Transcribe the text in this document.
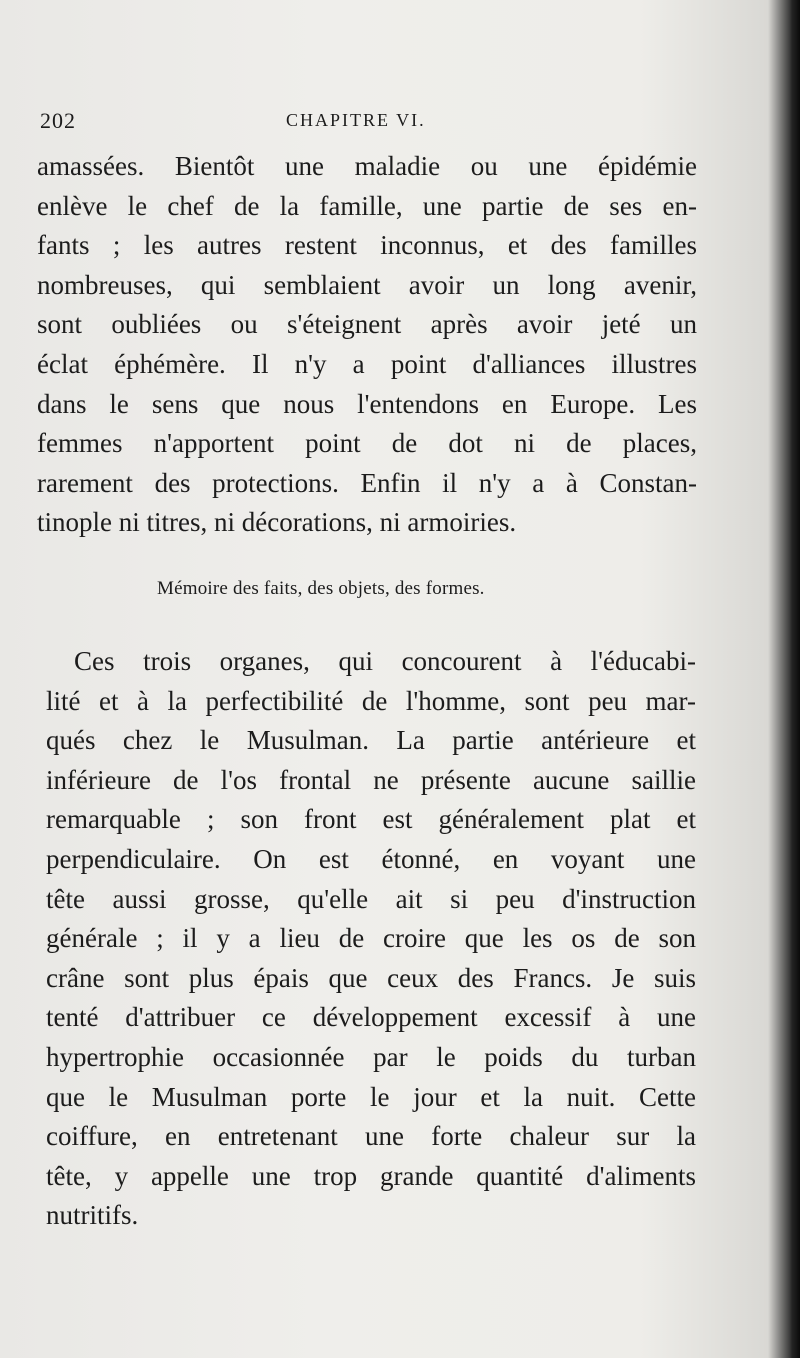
202	CHAPITRE VI.
amassées. Bientôt une maladie ou une épidémie
enlève le chef de la famille, une partie de ses en-
fants ; les autres restent inconnus, et des familles
nombreuses, qui semblaient avoir un long avenir,
sont oubliées ou s'éteignent après avoir jeté un
éclat éphémère. Il n'y a point d'alliances illustres
dans le sens que nous l'entendons en Europe. Les
femmes n'apportent point de dot ni de places,
rarement des protections. Enfin il n'y a à Constan-
tinople ni titres, ni décorations, ni armoiries.
Mémoire des faits, des objets, des formes.
Ces trois organes, qui concourent à l'éducabi-
lité et à la perfectibilité de l'homme, sont peu mar-
qués chez le Musulman. La partie antérieure et
inférieure de l'os frontal ne présente aucune saillie
remarquable ; son front est généralement plat et
perpendiculaire. On est étonné, en voyant une
tête aussi grosse, qu'elle ait si peu d'instruction
générale ; il y a lieu de croire que les os de son
crâne sont plus épais que ceux des Francs. Je suis
tenté d'attribuer ce développement excessif à une
hypertrophie occasionnée par le poids du turban
que le Musulman porte le jour et la nuit. Cette
coiffure, en entretenant une forte chaleur sur la
tête, y appelle une trop grande quantité d'aliments
nutritifs.
